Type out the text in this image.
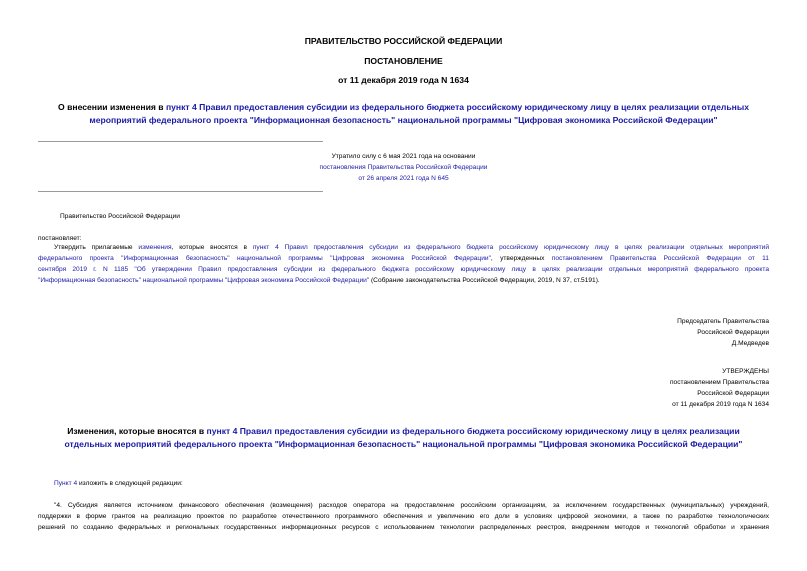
ПРАВИТЕЛЬСТВО РОССИЙСКОЙ ФЕДЕРАЦИИ
ПОСТАНОВЛЕНИЕ
от 11 декабря 2019 года N 1634
О внесении изменения в пункт 4 Правил предоставления субсидии из федерального бюджета российскому юридическому лицу в целях реализации отдельных
мероприятий федерального проекта "Информационная безопасность" национальной программы "Цифровая экономика Российской Федерации"
Утратило силу с 6 мая 2021 года на основании
постановления Правительства Российской Федерации
от 26 апреля 2021 года N 645
Правительство Российской Федерации
постановляет:
Утвердить прилагаемые изменения, которые вносятся в пункт 4 Правил предоставления субсидии из федерального бюджета российскому юридическому лицу в целях реализации отдельных мероприятий
федерального проекта "Информационная безопасность" национальной программы "Цифровая экономика Российской Федерации", утвержденных постановлением Правительства Российской Федерации от 11
сентября 2019 г. N 1185 "Об утверждении Правил предоставления субсидии из федерального бюджета российскому юридическому лицу в целях реализации отдельных мероприятий федерального проекта
"Информационная безопасность" национальной программы "Цифровая экономика Российской Федерации" (Собрание законодательства Российской Федерации, 2019, N 37, ст.5191).
Председатель Правительства
Российской Федерации
Д.Медведев
УТВЕРЖДЕНЫ
постановлением Правительства
Российской Федерации
от 11 декабря 2019 года N 1634
Изменения, которые вносятся в пункт 4 Правил предоставления субсидии из федерального бюджета российскому юридическому лицу в целях реализации
отдельных мероприятий федерального проекта "Информационная безопасность" национальной программы "Цифровая экономика Российской Федерации"
Пункт 4 изложить в следующей редакции:
"4. Субсидия является источником финансового обеспечения (возмещения) расходов оператора на предоставление российским организациям, за исключением государственных (муниципальных) учреждений,
поддержки в форме грантов на реализацию проектов по разработке отечественного программного обеспечения и увеличению его доли в условиях цифровой экономики, а также по разработке технологических
решений по созданию федеральных и региональных государственных информационных ресурсов с использованием технологии распределенных реестров, внедрением методов и технологий обработки и хранения
